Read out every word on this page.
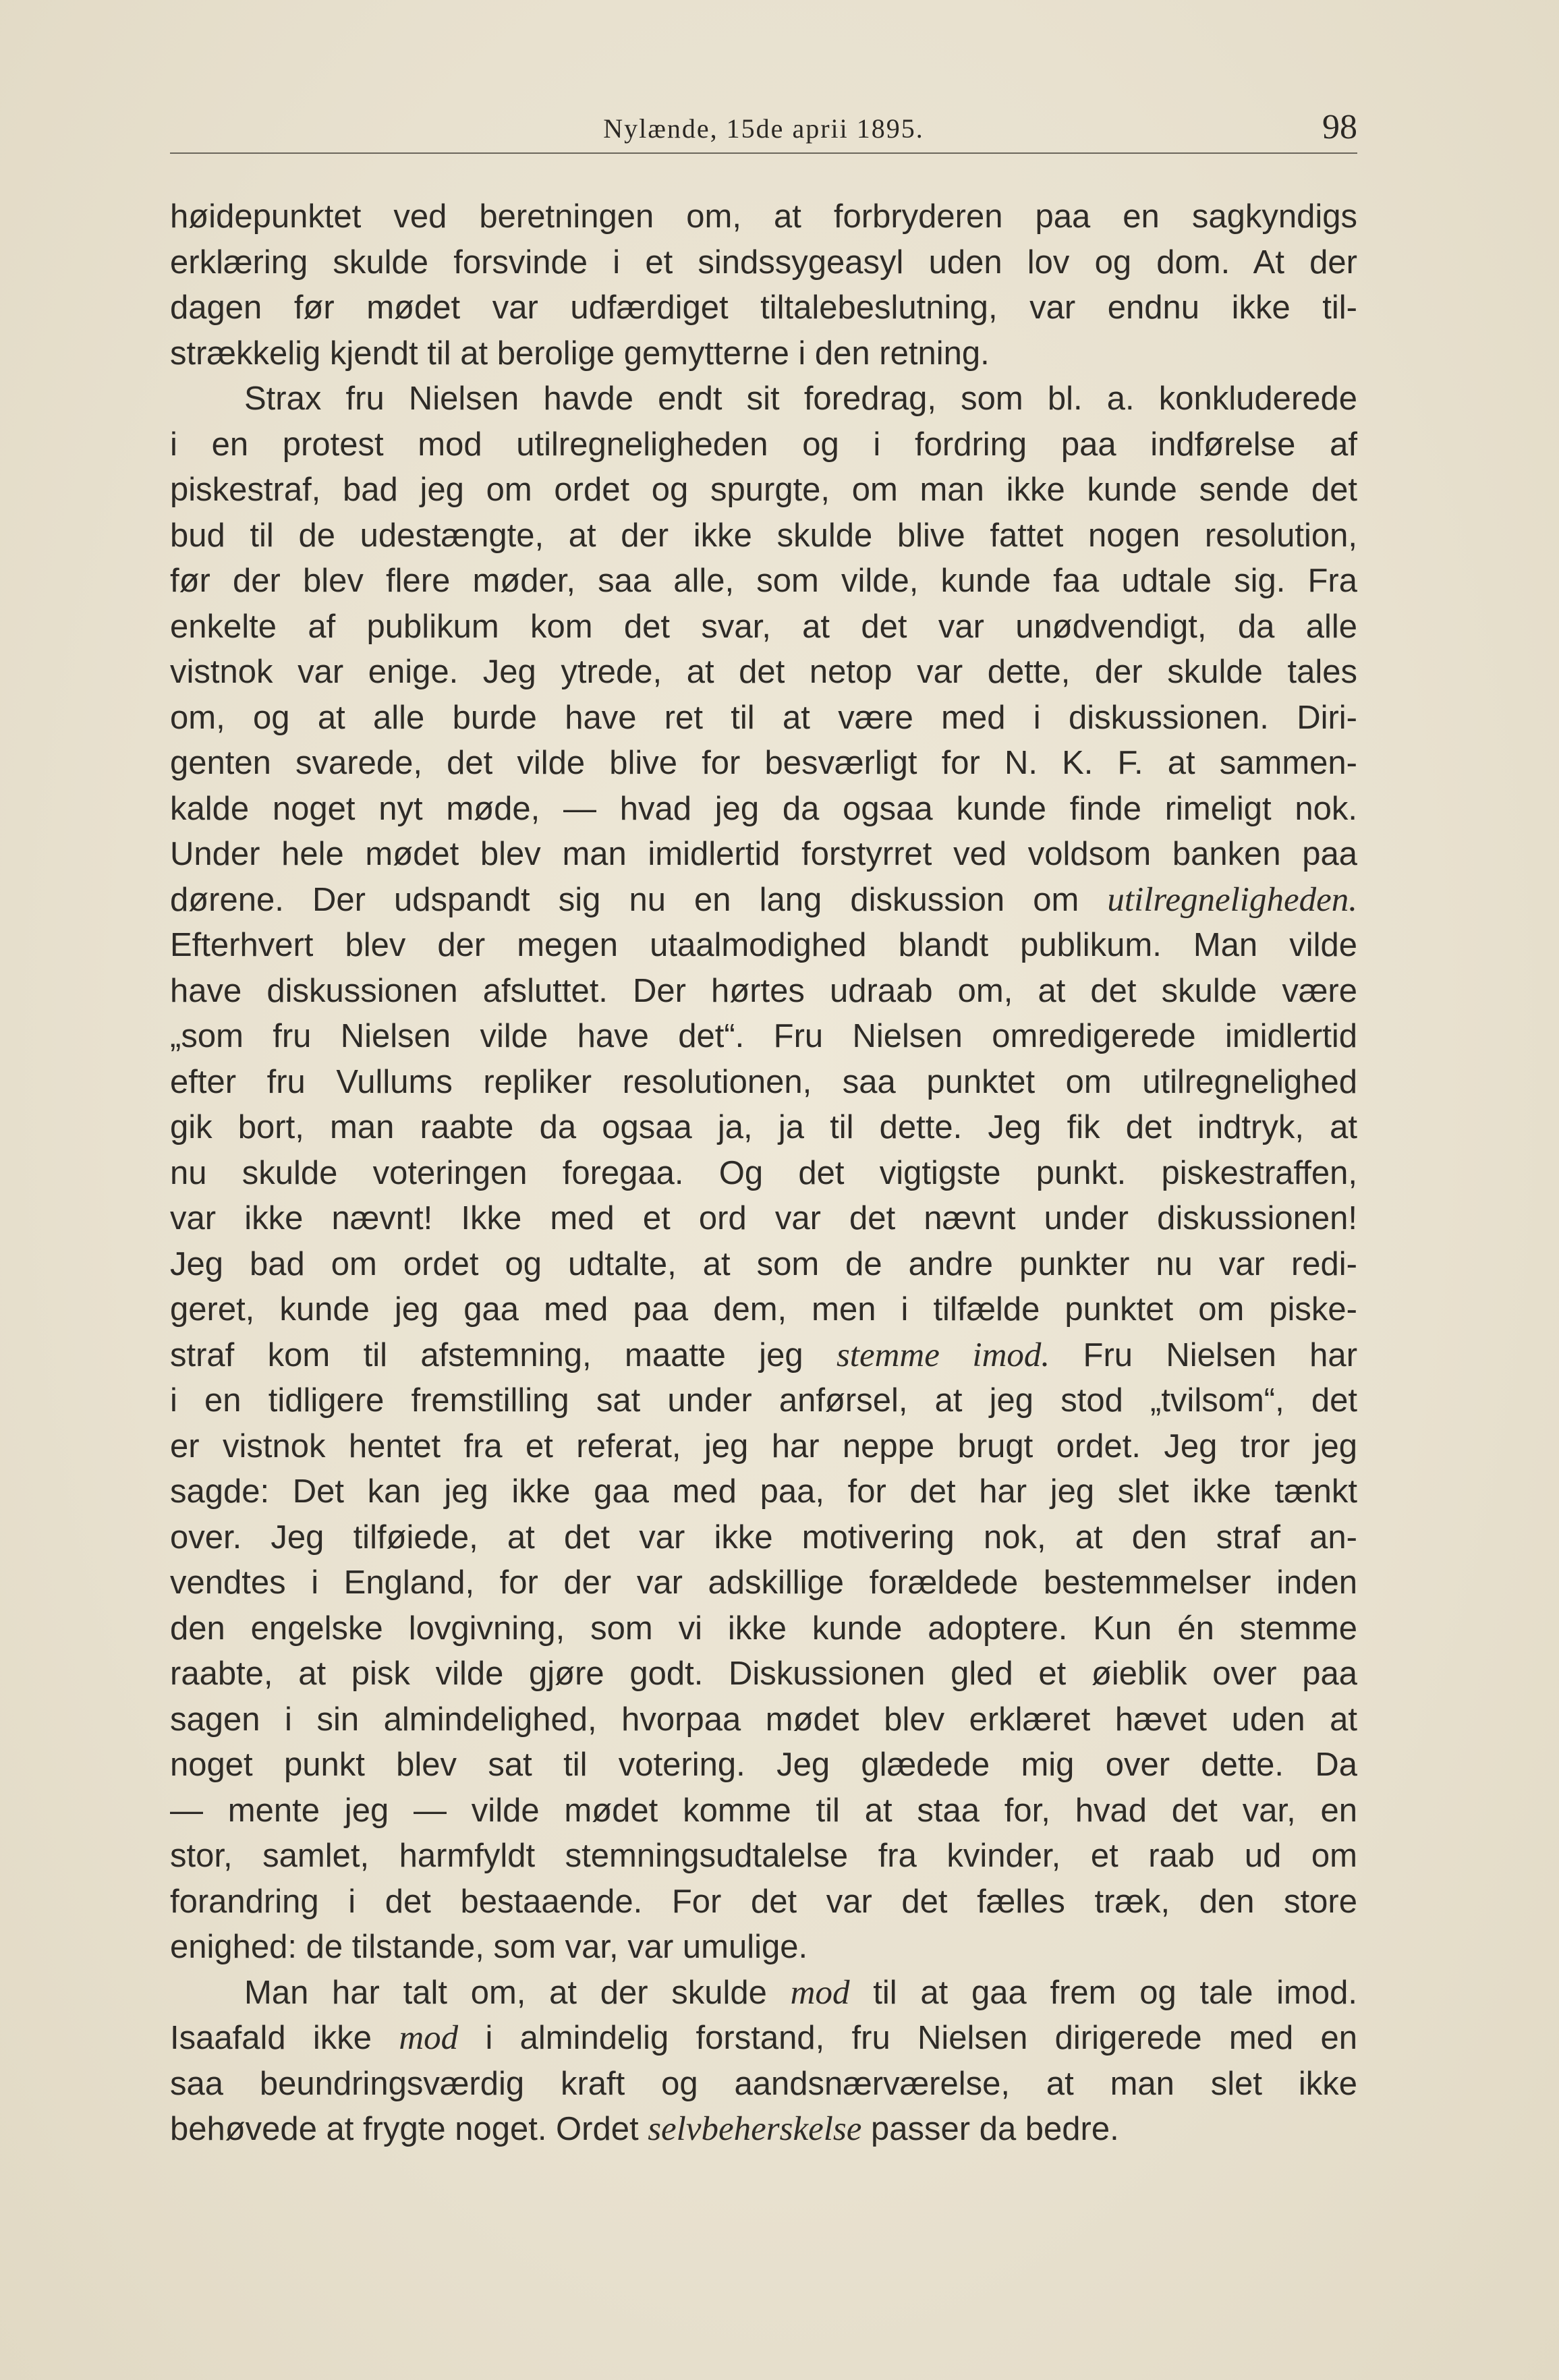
Nylænde, 15de aprii 1895.	98
høidepunktet ved beretningen om, at forbryderen paa en sagkyndigs
erklæring skulde forsvinde i et sindssygeasyl uden lov og dom. At der
dagen før mødet var udfærdiget tiltalebeslutning, var endnu ikke til-
strækkelig kjendt til at berolige gemytterne i den retning.
Strax fru Nielsen havde endt sit foredrag, som bl. a. konkluderede
i en protest mod utilregneligheden og i fordring paa indførelse af
piskestraf, bad jeg om ordet og spurgte, om man ikke kunde sende det
bud til de udestængte, at der ikke skulde blive fattet nogen resolution,
før der blev flere møder, saa alle, som vilde, kunde faa udtale sig. Fra
enkelte af publikum kom det svar, at det var unødvendigt, da alle
vistnok var enige. Jeg ytrede, at det netop var dette, der skulde tales
om, og at alle burde have ret til at være med i diskussionen. Diri-
genten svarede, det vilde blive for besværligt for N. K. F. at sammen-
kalde noget nyt møde, — hvad jeg da ogsaa kunde finde rimeligt nok.
Under hele mødet blev man imidlertid forstyrret ved voldsom banken paa
dørene. Der udspandt sig nu en lang diskussion om utilregneligheden.
Efterhvert blev der megen utaalmodighed blandt publikum. Man vilde
have diskussionen afsluttet. Der hørtes udraab om, at det skulde være
„som fru Nielsen vilde have det“. Fru Nielsen omredigerede imidlertid
efter fru Vullums repliker resolutionen, saa punktet om utilregnelighed
gik bort, man raabte da ogsaa ja, ja til dette. Jeg fik det indtryk, at
nu skulde voteringen foregaa. Og det vigtigste punkt. piskestraffen,
var ikke nævnt! Ikke med et ord var det nævnt under diskussionen!
Jeg bad om ordet og udtalte, at som de andre punkter nu var redi-
geret, kunde jeg gaa med paa dem, men i tilfælde punktet om piske-
straf kom til afstemning, maatte jeg stemme imod. Fru Nielsen har
i en tidligere fremstilling sat under anførsel, at jeg stod „tvilsom“, det
er vistnok hentet fra et referat, jeg har neppe brugt ordet. Jeg tror jeg
sagde: Det kan jeg ikke gaa med paa, for det har jeg slet ikke tænkt
over. Jeg tilføiede, at det var ikke motivering nok, at den straf an-
vendtes i England, for der var adskillige forældede bestemmelser inden
den engelske lovgivning, som vi ikke kunde adoptere. Kun én stemme
raabte, at pisk vilde gjøre godt. Diskussionen gled et øieblik over paa
sagen i sin almindelighed, hvorpaa mødet blev erklæret hævet uden at
noget punkt blev sat til votering. Jeg glædede mig over dette. Da
— mente jeg — vilde mødet komme til at staa for, hvad det var, en
stor, samlet, harmfyldt stemningsudtalelse fra kvinder, et raab ud om
forandring i det bestaaende. For det var det fælles træk, den store
enighed: de tilstande, som var, var umulige.
Man har talt om, at der skulde mod til at gaa frem og tale imod.
Isaafald ikke mod i almindelig forstand, fru Nielsen dirigerede med en
saa beundringsværdig kraft og aandsnærværelse, at man slet ikke
behøvede at frygte noget. Ordet selvbeherskelse passer da bedre.
